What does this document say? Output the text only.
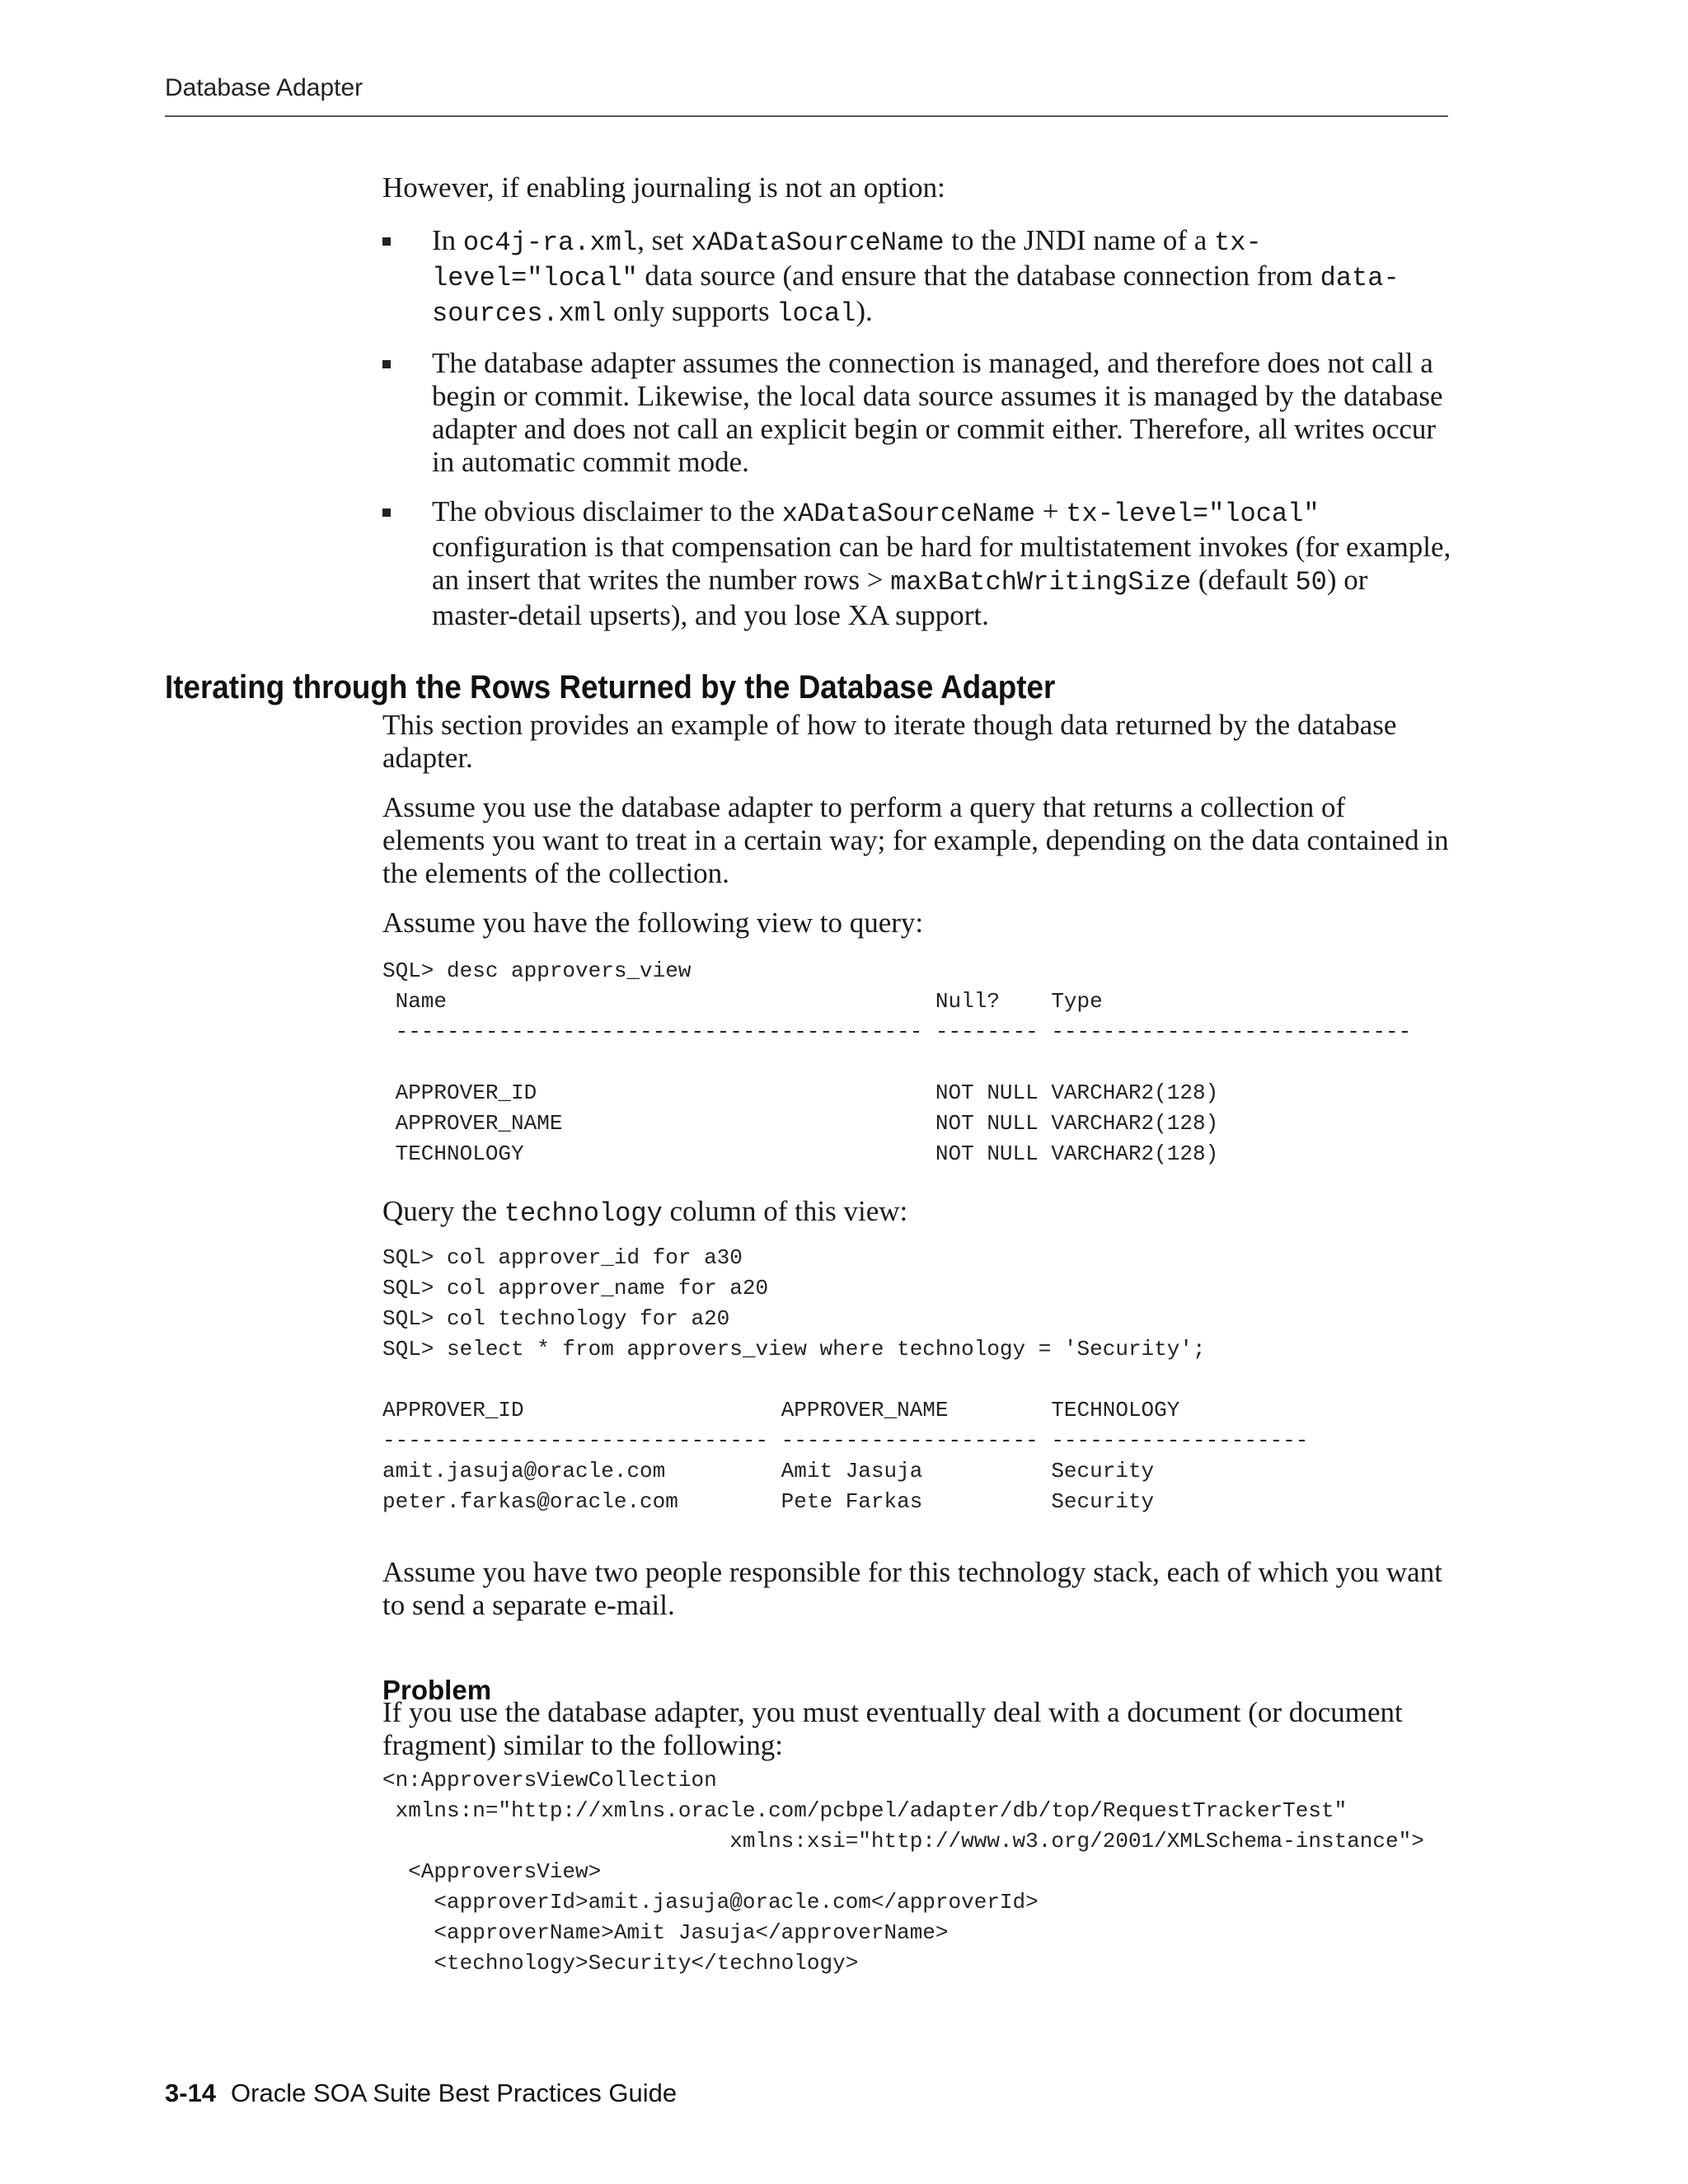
Database Adapter

However, if enabling journaling is not an option:

In oc4j-ra.xml, set xADataSourceName to the JNDI name of a tx-level="local" data source (and ensure that the database connection from data-sources.xml only supports local).
The database adapter assumes the connection is managed, and therefore does not call a begin or commit. Likewise, the local data source assumes it is managed by the database adapter and does not call an explicit begin or commit either. Therefore, all writes occur in automatic commit mode.
The obvious disclaimer to the xADataSourceName + tx-level="local" configuration is that compensation can be hard for multistatement invokes (for example, an insert that writes the number rows > maxBatchWritingSize (default 50) or master-detail upserts), and you lose XA support.
Iterating through the Rows Returned by the Database Adapter

This section provides an example of how to iterate though data returned by the database adapter.

Assume you use the database adapter to perform a query that returns a collection of elements you want to treat in a certain way; for example, depending on the data contained in the elements of the collection.

Assume you have the following view to query:

SQL> desc approvers_view
Name                                      Null?    Type
----------------------------------------- -------- ----------------------------

APPROVER_ID                               NOT NULL VARCHAR2(128)
APPROVER_NAME                             NOT NULL VARCHAR2(128)
TECHNOLOGY                                NOT NULL VARCHAR2(128)

Query the technology column of this view:

SQL> col approver_id for a30
SQL> col approver_name for a20
SQL> col technology for a20
SQL> select * from approvers_view where technology = 'Security';

APPROVER_ID                    APPROVER_NAME        TECHNOLOGY
------------------------------ -------------------- --------------------
amit.jasuja@oracle.com         Amit Jasuja          Security
peter.farkas@oracle.com        Pete Farkas          Security

Assume you have two people responsible for this technology stack, each of which you want to send a separate e-mail.

Problem

If you use the database adapter, you must eventually deal with a document (or document fragment) similar to the following:

<n:ApproversViewCollection
xmlns:n="http://xmlns.oracle.com/pcbpel/adapter/db/top/RequestTrackerTest"
xmlns:xsi="http://www.w3.org/2001/XMLSchema-instance">
<ApproversView>
<approverId>amit.jasuja@oracle.com</approverId>
<approverName>Amit Jasuja</approverName>
<technology>Security</technology>
3-14 Oracle SOA Suite Best Practices Guide
